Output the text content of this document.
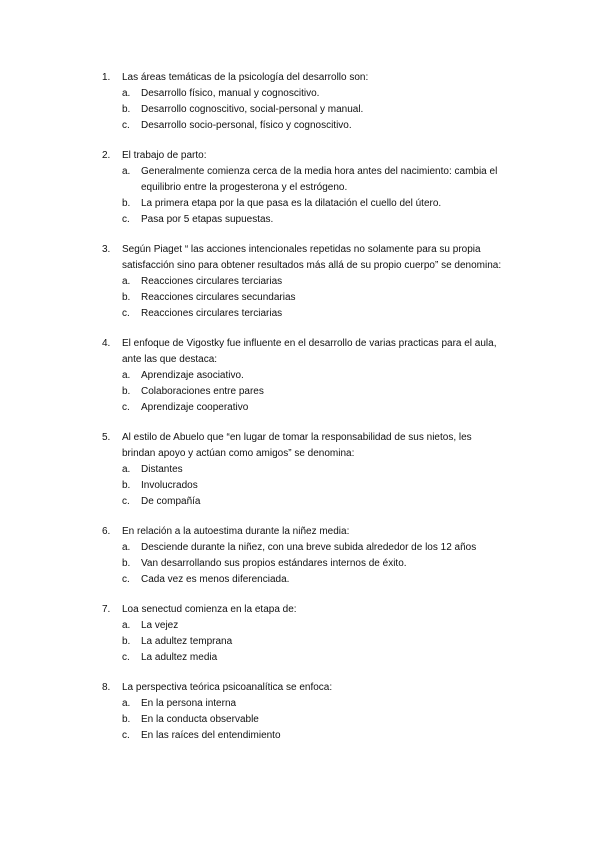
1. Las áreas temáticas de la psicología del desarrollo son:
a. Desarrollo físico, manual y cognoscitivo.
b. Desarrollo cognoscitivo, social-personal y manual.
c. Desarrollo socio-personal, físico y cognoscitivo.
2. El trabajo de parto:
a. Generalmente comienza cerca de la media hora antes del nacimiento: cambia el equilibrio entre la progesterona y el estrógeno.
b. La primera etapa por la que pasa es la dilatación el cuello del útero.
c. Pasa por 5 etapas supuestas.
3. Según Piaget “ las acciones intencionales repetidas no solamente para su propia satisfacción sino para obtener resultados más allá de su propio cuerpo” se denomina:
a. Reacciones circulares terciarias
b. Reacciones circulares secundarias
c. Reacciones circulares terciarias
4. El enfoque de Vigostky fue influente en el desarrollo de varias practicas para el aula, ante las que destaca:
a. Aprendizaje asociativo.
b. Colaboraciones entre pares
c. Aprendizaje cooperativo
5. Al estilo de Abuelo que “en lugar de tomar la responsabilidad de sus nietos, les brindan apoyo y actúan como amigos” se denomina:
a. Distantes
b. Involucrados
c. De compañía
6. En relación a la autoestima durante la niñez media:
a. Desciende durante la niñez, con una breve subida alrededor de los 12 años
b. Van desarrollando sus propios estándares internos de éxito.
c. Cada vez es menos diferenciada.
7. Loa senectud comienza en la etapa de:
a. La vejez
b. La adultez temprana
c. La adultez media
8. La perspectiva teórica psicoanalítica se enfoca:
a. En la persona interna
b. En la conducta observable
c. En las raíces del entendimiento
